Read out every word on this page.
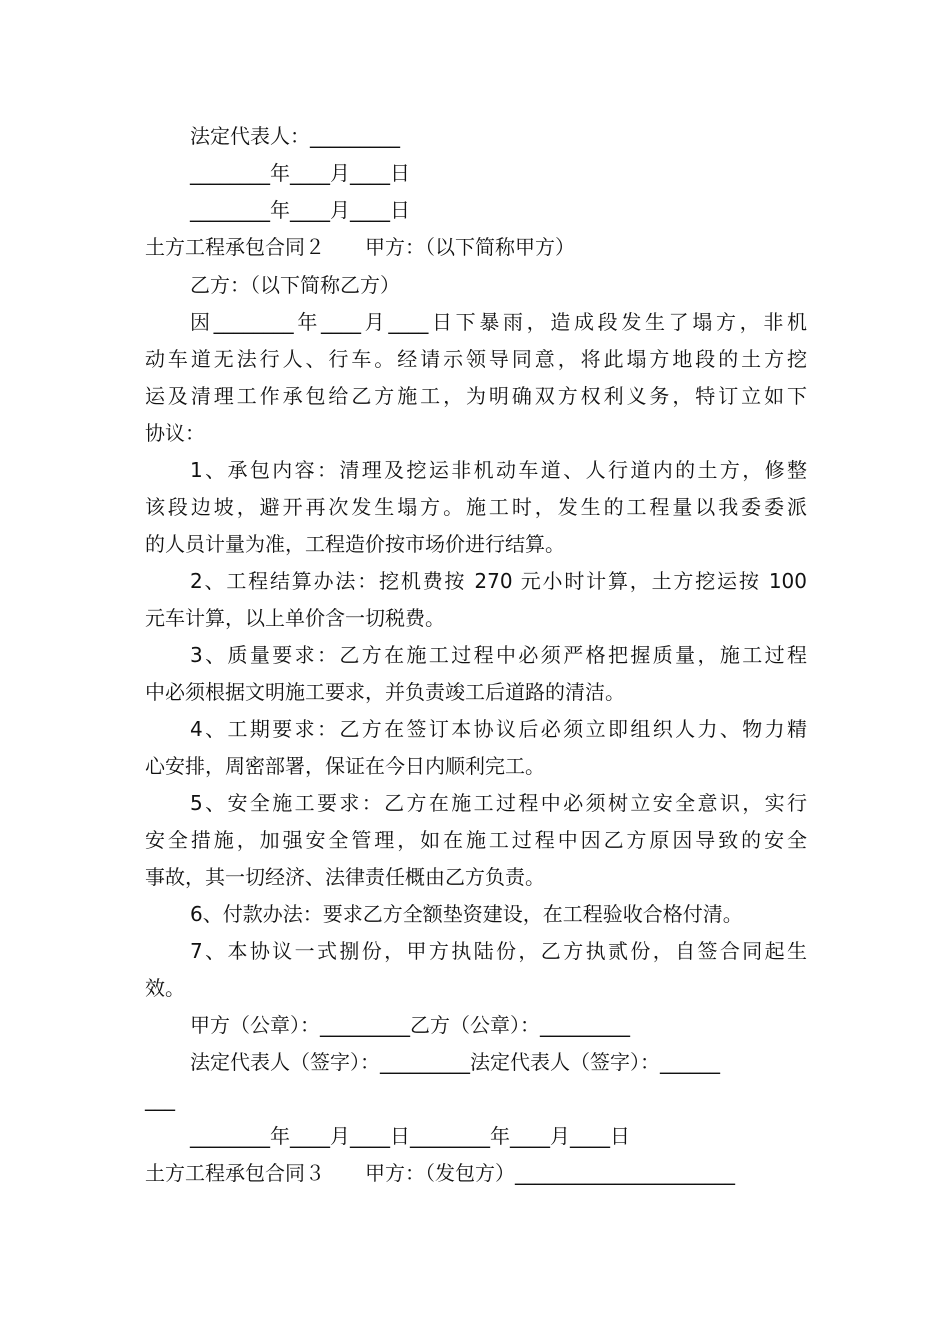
法定代表人：_________
________年____月____日
________年____月____日
土方工程承包合同２　　甲方：（以下简称甲方）
乙方：（以下简称乙方）
因________年____月____日下暴雨，造成段发生了塌方，非机
动车道无法行人、行车。经请示领导同意，将此塌方地段的土方挖
运及清理工作承包给乙方施工，为明确双方权利义务，特订立如下
协议：
1、承包内容：清理及挖运非机动车道、人行道内的土方，修整
该段边坡，避开再次发生塌方。施工时，发生的工程量以我委委派
的人员计量为准，工程造价按市场价进行结算。
2、工程结算办法：挖机费按 270 元小时计算，土方挖运按 100
元车计算，以上单价含一切税费。
3、质量要求：乙方在施工过程中必须严格把握质量，施工过程
中必须根据文明施工要求，并负责竣工后道路的清洁。
4、工期要求：乙方在签订本协议后必须立即组织人力、物力精
心安排，周密部署，保证在今日内顺利完工。
5、安全施工要求：乙方在施工过程中必须树立安全意识，实行
安全措施，加强安全管理，如在施工过程中因乙方原因导致的安全
事故，其一切经济、法律责任概由乙方负责。
6、付款办法：要求乙方全额垫资建设，在工程验收合格付清。
7、本协议一式捌份，甲方执陆份，乙方执贰份，自签合同起生
效。
甲方（公章）：_________乙方（公章）：_________
法定代表人（签字）：_________法定代表人（签字）：______
___
________年____月____日________年____月____日
土方工程承包合同３　　甲方：（发包方）______________________
